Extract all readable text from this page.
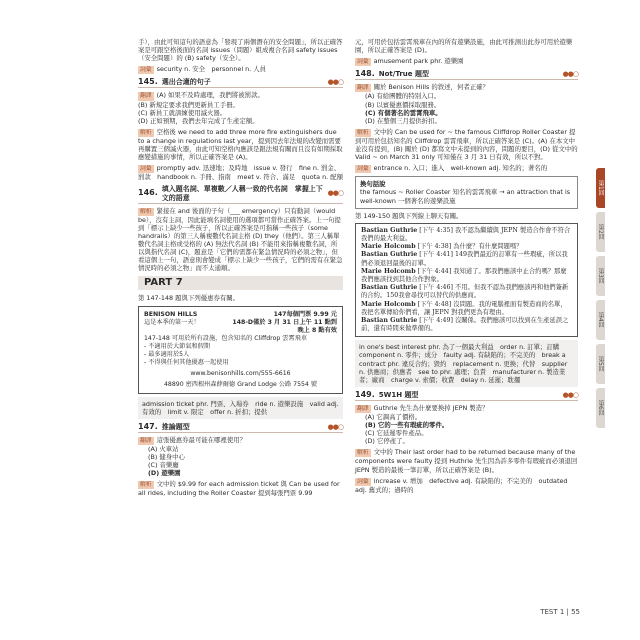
手），由此可知這句的語意為「發現了兩個潛在的安全問題」，所以正確答案是可跟空格後面的名詞 issues（問題）組成複合名詞 safety issues（安全問題）的 (B) safety（安全）。
詞彙 security n. 安全　personnel n. 人員
145. 選出合適的句子	●●○
翻譯 (A) 如果不及時處理，我們將被罰款。
(B) 新規定要求我們更新員工手冊。
(C) 新員工就訓練使用滅火器。
(D) 正如預期，我們去年完成了生產定額。
解析 空格後 we need to add three more fire extinguishers due to a change in regulations last year，提到因去年法規的改變而需要再購置三個滅火器，由此可知空格內應該是跟法規有關而且沒有如期採取應變措施的事情，所以正確答案是 (A)。
詞彙 promptly adv. 迅速地；及時地　issue v. 發行　fine n. 罰金、罰款　handbook n. 手冊、指南　meet v. 符合、滿足　quota n. 配額
146. 填入題名詞、單複數／人稱一致的代名詞　掌握上下文的語意
●●○
解析 緊接在 and 後面的子句（___ emergency）只有動詞（would be），沒有主詞，因此能填名詞使用的選項都可當作正確答案。上一句提到「標示上缺少一些孩子，所以正確答案是可指稱一些孩子（some handrails）的第三人稱複數代名詞主格 (D) they（他們）。第三人稱單數代名詞主格或受格的 (A) 無法代名詞 (B) 不能用來指稱複數名詞，所以與指代名詞 (C)，題意是「它們的需都在緊急情況時的必須之物」，但看這個上一句，語意則會變成「標示上缺少一些孩子，它們的需有在緊急情況時的必須之物」而不太通順。
PART 7
第 147-148 題與下列優惠券有關。
BENISON HILLS
這是本季的第一天！
147每個門票 9.99 元
148-D僅於 3 月 31 日上午 11 點到
晚上 8 點有效
147-148 可用於所有設施，包含知名的 Cliffdrop 雲霄飛車
- 不適用於大節氣和假期
- 最多適用於5人
- 不得與任何其他優惠一起使用
www.benisonhills.com/555-6616
48890 密西根州森薛爾德 Grand Lodge 公路 7554 號
admission ticket phr. 門票、入場券　ride n. 遊樂設施　valid adj. 有效的　limit v. 限定　offer n. 折扣；提供
147. 推論題型	●●○
翻譯 這張優惠券最可能在哪裡使用？
(A) 火車站
(B) 健身中心
(C) 音樂廳
(D) 遊樂園
解析 文中的 $9.99 for each admission ticket 與 Can be used for all rides, including the Roller Coaster 提到每張門票 9.99
元，可用於包括雲霄飛車在內的所有遊樂設施，由此可推測出此券可用於遊樂園，所以正確答案是 (D)。
詞彙 amusement park phr. 遊樂園
148. Not/True 題型	●●○
翻譯 關於 Benison Hills 的敘述，何者正確？
(A) 有給團體的特別入口。
(B) 以賓優惠價採取服務。
(C) 有個著名的雲霄飛車。
(D) 在整個三月提供折扣。
解析 文中的 Can be used for ~ the famous Cliffdrop Roller Coaster 提到可用於包括知名的 Cliffdrop 雲霄飛車，所以正確答案是 (C)。(A) 在本文中並沒有提到，(B) 關於 (D) 都寫文中未提到的內容，問題的要目，(D) 從文中的 Valid ~ on March 31 only 可知僅在 3 月 31 日有效，所以不對。
詞彙 entrance n. 入口；進入　well-known adj. 知名的；著名的
換句話說
the famous ~ Roller Coaster 知名的雲霄飛車 → an attraction that is well-known 一個著名的遊樂設施
第 149-150 題與下列線上聊天有關。
Bastian Guthrie [下午 4:35] 我不認為繼續與 JEPN 製造合作會不符合我們的最大利益。
Marie Holcomb [下午 4:38] 為什麼？有什麼問題嗎？
Bastian Guthrie [下午 4:41] 149我們最近的訂單有一些瑕疵，所以我們必須退回最後的訂單。
Marie Holcomb [下午 4:44] 我知道了。那我們應該中止合約嗎？那麼我們應該找到其他合作對象。
Bastian Guthrie [下午 4:46] 不用。但我不認為我們應該再和他們簽新的合約。150我會尋找可以替代的供應商。
Marie Holcomb [下午 4:48] 沒問題。我的電腦裡面有製造商的名單，我把名單傳給你們看，讓 JEPN 對我們更為有理由。
Bastian Guthrie [下午 4:49] 沒關係。我們應該可以找到在生產延誤之前，還有時間來做準備的。
in one's best interest phr. 為了一個最大利益　order n. 訂單；訂購　component n. 零件；成分　faulty adj. 有缺陷的；不完美的　break a contract phr. 違反合約；毀約　replacement n. 更換；代替　supplier n. 供應商；供應者　see to phr. 處理；負責　manufacturer n. 製造業者；廠商　charge v. 索價；收費　delay n. 延遲；耽擱
149. 5W1H 題型	●●○
翻譯 Guthrie 先生為什麼要換掉 JEPN 製造？
(A) 它調高了價格。
(B) 它的一些有瑕疵的零件。
(C) 它延遲零件產品。
(D) 它停產了。
解析 文中的 Their last order had to be returned because many of the components were faulty 提到 Huthrie 先生因為許多零件有瑕疵而必須退回 JEPN 製造的最後一筆訂單，所以正確答案是 (B)。
詞彙 increase v. 增加　defective adj. 有缺陷的；不完美的　outdated adj. 舊式的；過時的
第1回
第2回
第3回
第4回
第5回
第6回
TEST 1 | 55
